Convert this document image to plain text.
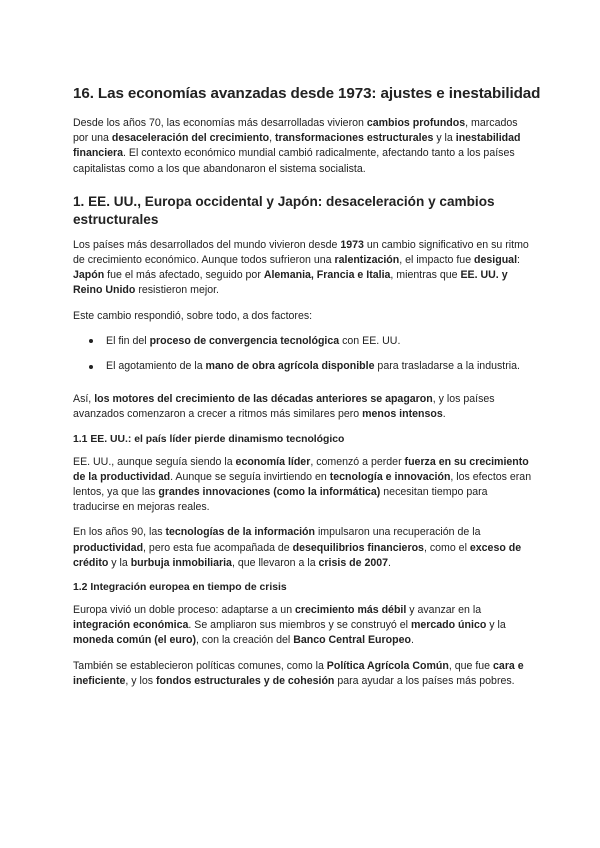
16. Las economías avanzadas desde 1973: ajustes e inestabilidad

Desde los años 70, las economías más desarrolladas vivieron cambios profundos, marcados por una desaceleración del crecimiento, transformaciones estructurales y la inestabilidad financiera. El contexto económico mundial cambió radicalmente, afectando tanto a los países capitalistas como a los que abandonaron el sistema socialista.

1. EE. UU., Europa occidental y Japón: desaceleración y cambios estructurales

Los países más desarrollados del mundo vivieron desde 1973 un cambio significativo en su ritmo de crecimiento económico. Aunque todos sufrieron una ralentización, el impacto fue desigual: Japón fue el más afectado, seguido por Alemania, Francia e Italia, mientras que EE. UU. y Reino Unido resistieron mejor.

Este cambio respondió, sobre todo, a dos factores:

El fin del proceso de convergencia tecnológica con EE. UU.
El agotamiento de la mano de obra agrícola disponible para trasladarse a la industria.

Así, los motores del crecimiento de las décadas anteriores se apagaron, y los países avanzados comenzaron a crecer a ritmos más similares pero menos intensos.

1.1 EE. UU.: el país líder pierde dinamismo tecnológico

EE. UU., aunque seguía siendo la economía líder, comenzó a perder fuerza en su crecimiento de la productividad. Aunque se seguía invirtiendo en tecnología e innovación, los efectos eran lentos, ya que las grandes innovaciones (como la informática) necesitan tiempo para traducirse en mejoras reales.

En los años 90, las tecnologías de la información impulsaron una recuperación de la productividad, pero esta fue acompañada de desequilibrios financieros, como el exceso de crédito y la burbuja inmobiliaria, que llevaron a la crisis de 2007.

1.2 Integración europea en tiempo de crisis

Europa vivió un doble proceso: adaptarse a un crecimiento más débil y avanzar en la integración económica. Se ampliaron sus miembros y se construyó el mercado único y la moneda común (el euro), con la creación del Banco Central Europeo.

También se establecieron políticas comunes, como la Política Agrícola Común, que fue cara e ineficiente, y los fondos estructurales y de cohesión para ayudar a los países más pobres.
